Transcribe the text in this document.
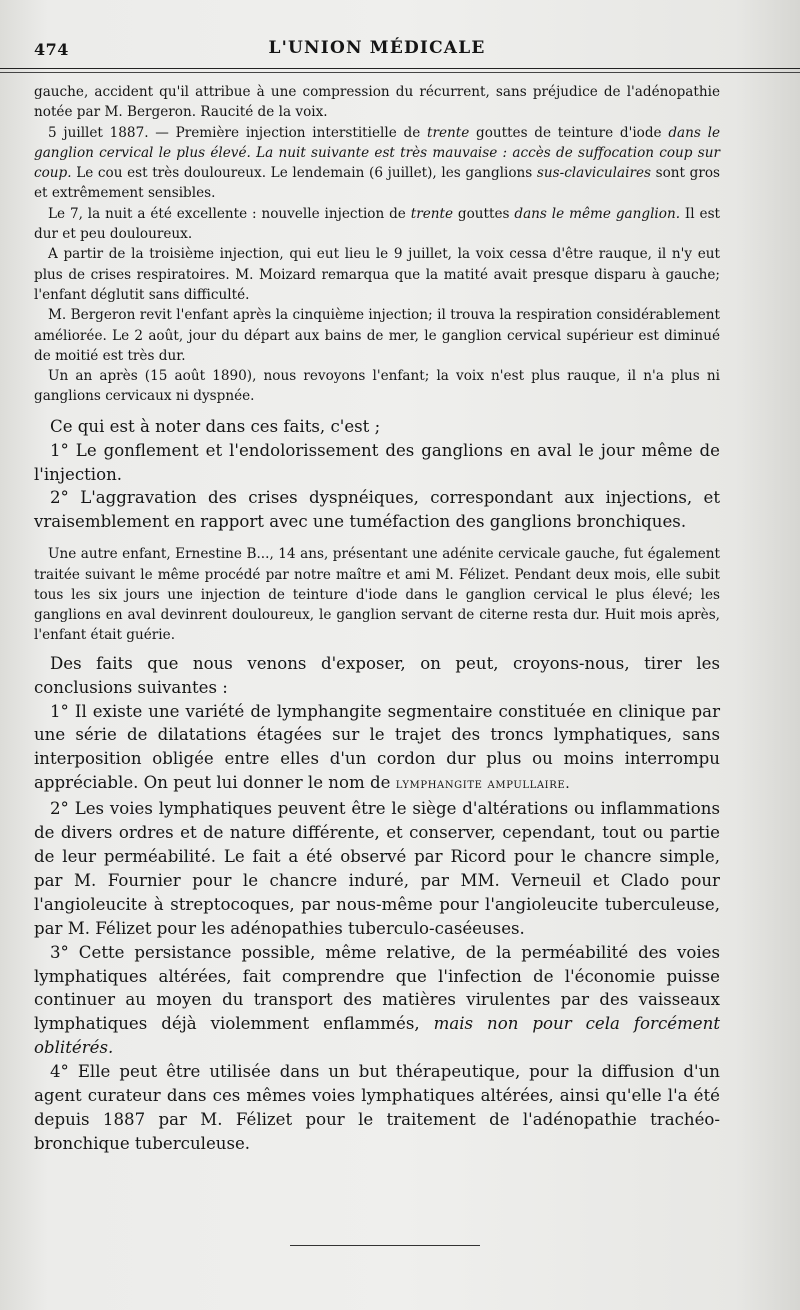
474	L'UNION MÉDICALE

gauche, accident qu'il attribue à une compression du récurrent, sans préjudice de l'adénopathie notée par M. Bergeron. Raucité de la voix.

5 juillet 1887. — Première injection interstitielle de trente gouttes de teinture d'iode dans le ganglion cervical le plus élevé. La nuit suivante est très mauvaise : accès de suffocation coup sur coup. Le cou est très douloureux. Le lendemain (6 juillet), les ganglions sus-claviculaires sont gros et extrêmement sensibles.

Le 7, la nuit a été excellente : nouvelle injection de trente gouttes dans le même ganglion. Il est dur et peu douloureux.

A partir de la troisième injection, qui eut lieu le 9 juillet, la voix cessa d'être rauque, il n'y eut plus de crises respiratoires. M. Moizard remarqua que la matité avait presque disparu à gauche; l'enfant déglutit sans difficulté.

M. Bergeron revit l'enfant après la cinquième injection; il trouva la respiration considérablement améliorée. Le 2 août, jour du départ aux bains de mer, le ganglion cervical supérieur est diminué de moitié est très dur.

Un an après (15 août 1890), nous revoyons l'enfant; la voix n'est plus rauque, il n'a plus ni ganglions cervicaux ni dyspnée.

Ce qui est à noter dans ces faits, c'est ;

1° Le gonflement et l'endolorissement des ganglions en aval le jour même de l'injection.

2° L'aggravation des crises dyspnéiques, correspondant aux injections, et vraisemblement en rapport avec une tuméfaction des ganglions bronchiques.

Une autre enfant, Ernestine B..., 14 ans, présentant une adénite cervicale gauche, fut également traitée suivant le même procédé par notre maître et ami M. Félizet. Pendant deux mois, elle subit tous les six jours une injection de teinture d'iode dans le ganglion cervical le plus élevé; les ganglions en aval devinrent douloureux, le ganglion servant de citerne resta dur. Huit mois après, l'enfant était guérie.

Des faits que nous venons d'exposer, on peut, croyons-nous, tirer les conclusions suivantes :

1° Il existe une variété de lymphangite segmentaire constituée en clinique par une série de dilatations étagées sur le trajet des troncs lymphatiques, sans interposition obligée entre elles d'un cordon dur plus ou moins interrompu appréciable. On peut lui donner le nom de lymphangite ampullaire.

2° Les voies lymphatiques peuvent être le siège d'altérations ou inflammations de divers ordres et de nature différente, et conserver, cependant, tout ou partie de leur perméabilité. Le fait a été observé par Ricord pour le chancre simple, par M. Fournier pour le chancre induré, par MM. Verneuil et Clado pour l'angioleucite à streptocoques, par nous-même pour l'angioleucite tuberculeuse, par M. Félizet pour les adénopathies tuberculo-caséeuses.

3° Cette persistance possible, même relative, de la perméabilité des voies lymphatiques altérées, fait comprendre que l'infection de l'économie puisse continuer au moyen du transport des matières virulentes par des vaisseaux lymphatiques déjà violemment enflammés, mais non pour cela forcément oblitérés.

4° Elle peut être utilisée dans un but thérapeutique, pour la diffusion d'un agent curateur dans ces mêmes voies lymphatiques altérées, ainsi qu'elle l'a été depuis 1887 par M. Félizet pour le traitement de l'adénopathie trachéo-bronchique tuberculeuse.
